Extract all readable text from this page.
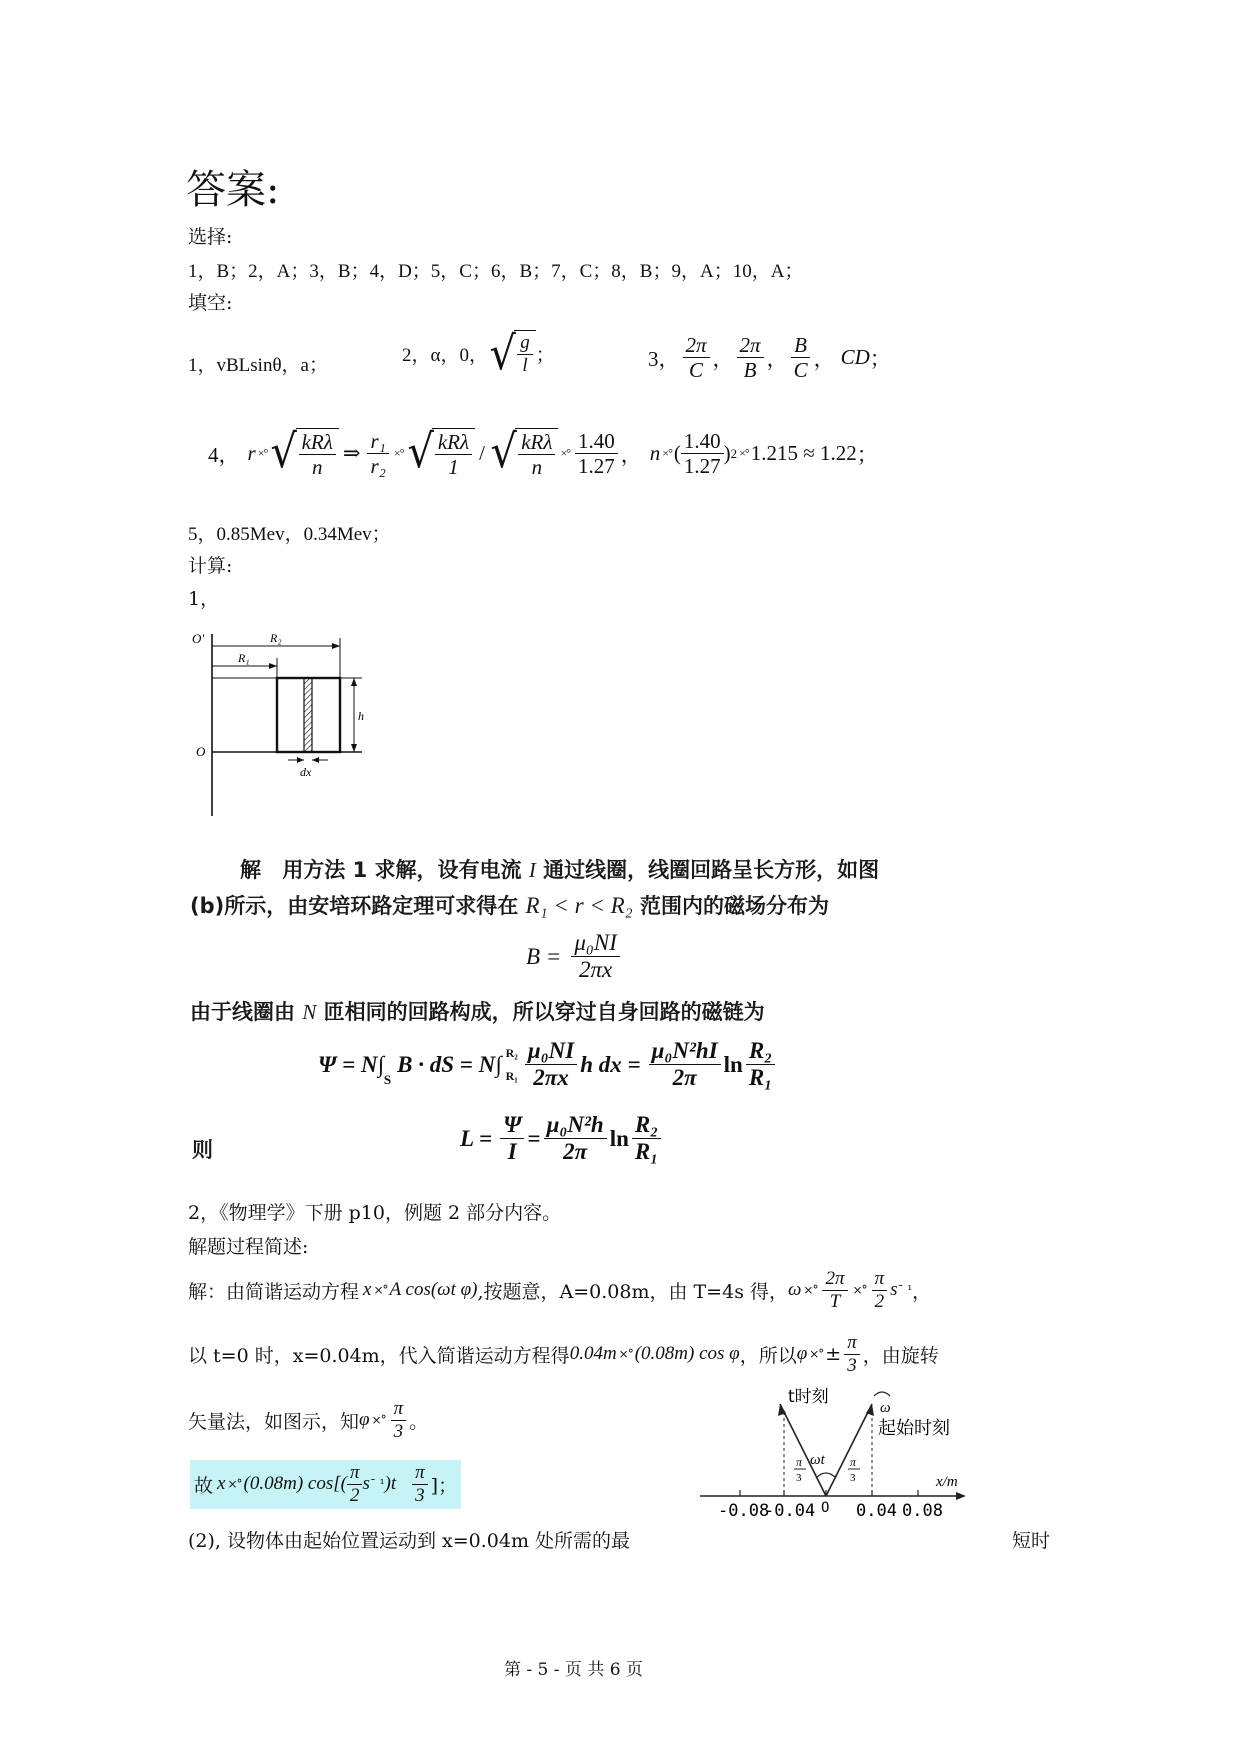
答案:
选择:
1，B；2，A；3，B；4，D；5，C；6，B；7，C；8，B；9，A；10，A；
填空:
1，vBLsinθ，a；	2，α，0， √ $\frac{g}{l}$ ；	3， $\frac{2\pi}{C}$ ， $\frac{2\pi}{B}$ ， $\frac{B}{C}$ ， CD ；
4， r ×° √ $\frac{\text{kRλ}}{n}$ ⇒ $\frac{\text{r₁}}{\text{r₂}}$ ×° √ $\frac{\text{kRλ}}{1}$ / √ $\frac{\text{kRλ}}{n}$ ×° $\frac{1.40}{1.27}$ ， n ×° ( $\frac{1.40}{1.27}$ ) 2 ×° 1.215 ≈ 1.22 ；
5，0.85Mev，0.34Mev；
计算:
1，
O'
O
R₂
R₁
h
dx
解 用方法 1 求解，设有电流 I 通过线圈，线圈回路呈长方形，如图
(b)所示，由安培环路定理可求得在 R₁ < r < R₂ 范围内的磁场分布为
$B = \frac{\text{μ₀NI}}{2\pi x}$
由于线圈由 N 匝相同的回路构成，所以穿过自身回路的磁链为
Ψ = N∫
$_S$
B · dS = N∫ R₂
$R_1 \frac{\text{μ₀NI}}{2\pi x}$ h dx = $\frac{\text{μ₀N²hI}}{2\pi}$ $\ln \frac{\text{R₂}}{\text{R₁}}$
则	$L = \frac{\Psi}{I} = \frac{\text{μ₀N²h}}{2\pi}$ $\ln \frac{\text{R₂}}{\text{R₁}}$
2，《物理学》下册 p10，例题 2 部分内容。
解题过程简述:
解：由简谐运动方程 x ×° A cos(ωt φ) ,按题意，A=0.08m，由 T=4s 得， ω ×° $\frac{2\pi}{T}$ ×° $\frac{\pi}{2}$ s ¯ ¹ ，
以 t=0 时，x=0.04m，代入简谐运动方程得 0.04m ×° (0.08m) cos φ ，所以 φ ×° ± $\frac{\pi}{3}$ ，由旋转
矢量法，如图示，知 φ ×° $\frac{\pi}{3}$ 。
故 x ×° (0.08m) $\cos[( \frac{\pi}{2}$ s ¯ ¹ )$t \frac{\pi}{3}$ ]；
(2), 设物体由起始位置运动到 x=0.04m 处所需的最	短时
t时刻
ω
起始时刻
π
3
ωt π
3	x/m
-0.08
-0.04 O 0.04 0.08
第 - 5 - 页 共 6 页
